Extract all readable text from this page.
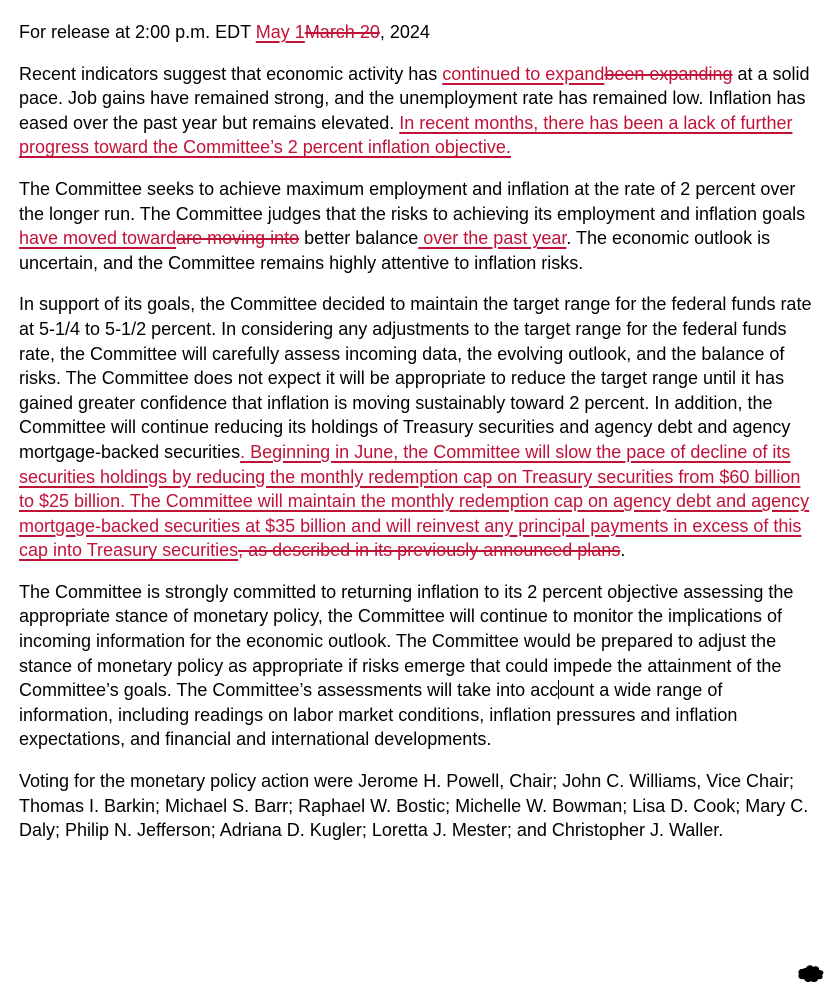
For release at 2:00 p.m. EDT May 1March 20, 2024

Recent indicators suggest that economic activity has continued to expandbeen expanding at a solid pace. Job gains have remained strong, and the unemployment rate has remained low. Inflation has eased over the past year but remains elevated. In recent months, there has been a lack of further progress toward the Committee’s 2 percent inflation objective.

The Committee seeks to achieve maximum employment and inflation at the rate of 2 percent over the longer run. The Committee judges that the risks to achieving its employment and inflation goals have moved towardare moving into better balance over the past year. The economic outlook is uncertain, and the Committee remains highly attentive to inflation risks.

In support of its goals, the Committee decided to maintain the target range for the federal funds rate at 5-1/4 to 5-1/2 percent. In considering any adjustments to the target range for the federal funds rate, the Committee will carefully assess incoming data, the evolving outlook, and the balance of risks. The Committee does not expect it will be appropriate to reduce the target range until it has gained greater confidence that inflation is moving sustainably toward 2 percent. In addition, the Committee will continue reducing its holdings of Treasury securities and agency debt and agency mortgage-backed securities. Beginning in June, the Committee will slow the pace of decline of its securities holdings by reducing the monthly redemption cap on Treasury securities from $60 billion to $25 billion. The Committee will maintain the monthly redemption cap on agency debt and agency mortgage-backed securities at $35 billion and will reinvest any principal payments in excess of this cap into Treasury securities, as described in its previously announced plans.

The Committee is strongly committed to returning inflation to its 2 percent objective assessing the appropriate stance of monetary policy, the Committee will continue to monitor the implications of incoming information for the economic outlook. The Committee would be prepared to adjust the stance of monetary policy as appropriate if risks emerge that could impede the attainment of the Committee’s goals. The Committee’s assessments will take into account a wide range of information, including readings on labor market conditions, inflation pressures and inflation expectations, and financial and international developments.

Voting for the monetary policy action were Jerome H. Powell, Chair; John C. Williams, Vice Chair; Thomas I. Barkin; Michael S. Barr; Raphael W. Bostic; Michelle W. Bowman; Lisa D. Cook; Mary C. Daly; Philip N. Jefferson; Adriana D. Kugler; Loretta J. Mester; and Christopher J. Waller.
